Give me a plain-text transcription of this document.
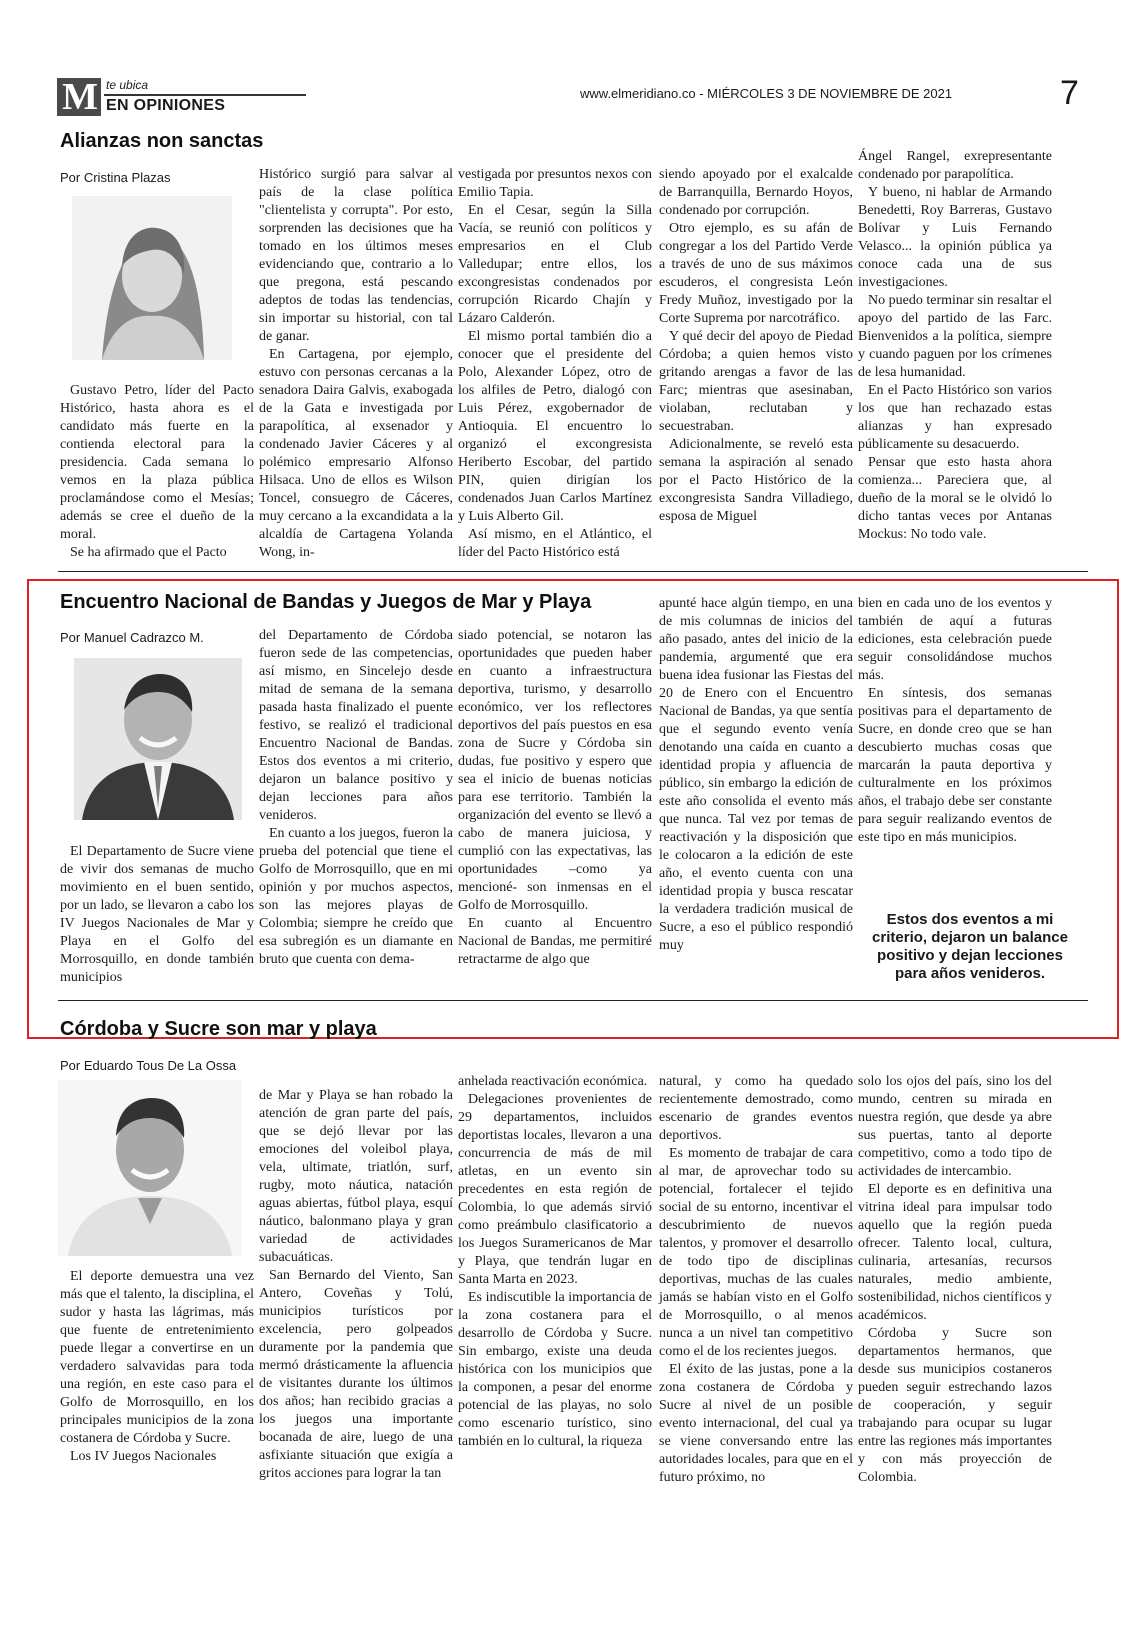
M te ubica
EN OPINIONES
www.elmeridiano.co - MIÉRCOLES 3 DE NOVIEMBRE DE 2021	7
Alianzas non sanctas
Por Cristina Plazas

Gustavo Petro, líder del Pacto Histórico, hasta ahora es el candidato más fuerte en la contienda electoral para la presidencia. Cada semana lo vemos en la plaza pública proclamándose como el Mesías; además se cree el dueño de la moral.

Se ha afirmado que el Pacto

Histórico surgió para salvar al país de la clase política "clientelista y corrupta". Por esto, sorprenden las decisiones que ha tomado en los últimos meses evidenciando que, contrario a lo que pregona, está pescando adeptos de todas las tendencias, sin importar su historial, con tal de ganar.

En Cartagena, por ejemplo, estuvo con personas cercanas a la senadora Daira Galvis, exabogada de la Gata e investigada por parapolítica, al exsenador y condenado Javier Cáceres y al polémico empresario Alfonso Hilsaca. Uno de ellos es Wilson Toncel, consuegro de Cáceres, muy cercano a la excandidata a la alcaldía de Cartagena Yolanda Wong, in-

vestigada por presuntos nexos con Emilio Tapia.

En el Cesar, según la Silla Vacía, se reunió con políticos y empresarios en el Club Valledupar; entre ellos, los excongresistas condenados por corrupción Ricardo Chajín y Lázaro Calderón.

El mismo portal también dio a conocer que el presidente del Polo, Alexander López, otro de los alfiles de Petro, dialogó con Luis Pérez, exgobernador de Antioquia. El encuentro lo organizó el excongresista Heriberto Escobar, del partido PIN, quien dirigían los condenados Juan Carlos Martínez y Luis Alberto Gil.

Así mismo, en el Atlántico, el líder del Pacto Histórico está

siendo apoyado por el exalcalde de Barranquilla, Bernardo Hoyos, condenado por corrupción.

Otro ejemplo, es su afán de congregar a los del Partido Verde a través de uno de sus máximos escuderos, el congresista León Fredy Muñoz, investigado por la Corte Suprema por narcotráfico.

Y qué decir del apoyo de Piedad Córdoba; a quien hemos visto gritando arengas a favor de las Farc; mientras que asesinaban, violaban, reclutaban y secuestraban.

Adicionalmente, se reveló esta semana la aspiración al senado por el Pacto Histórico de la excongresista Sandra Villadiego, esposa de Miguel

Ángel Rangel, exrepresentante condenado por parapolítica.

Y bueno, ni hablar de Armando Benedetti, Roy Barreras, Gustavo Bolívar y Luis Fernando Velasco... la opinión pública ya conoce cada una de sus investigaciones.

No puedo terminar sin resaltar el apoyo del partido de las Farc. Bienvenidos a la política, siempre y cuando paguen por los crímenes de lesa humanidad.

En el Pacto Histórico son varios los que han rechazado estas alianzas y han expresado públicamente su desacuerdo.

Pensar que esto hasta ahora comienza... Pareciera que, al dueño de la moral se le olvidó lo dicho tantas veces por Antanas Mockus: No todo vale.

Encuentro Nacional de Bandas y Juegos de Mar y Playa
Por Manuel Cadrazco M.

El Departamento de Sucre viene de vivir dos semanas de mucho movimiento en el buen sentido, por un lado, se llevaron a cabo los IV Juegos Nacionales de Mar y Playa en el Golfo del Morrosquillo, en donde también municipios

del Departamento de Córdoba fueron sede de las competencias, así mismo, en Sincelejo desde mitad de semana de la semana pasada hasta finalizado el puente festivo, se realizó el tradicional Encuentro Nacional de Bandas. Estos dos eventos a mi criterio, dejaron un balance positivo y dejan lecciones para años venideros.

En cuanto a los juegos, fueron la prueba del potencial que tiene el Golfo de Morrosquillo, que en mi opinión y por muchos aspectos, son las mejores playas de Colombia; siempre he creído que esa subregión es un diamante en bruto que cuenta con dema-

siado potencial, se notaron las oportunidades que pueden haber en cuanto a infraestructura deportiva, turismo, y desarrollo económico, ver los reflectores deportivos del país puestos en esa zona de Sucre y Córdoba sin dudas, fue positivo y espero que sea el inicio de buenas noticias para ese territorio. También la organización del evento se llevó a cabo de manera juiciosa, y cumplió con las expectativas, las oportunidades –como ya mencioné- son inmensas en el Golfo de Morrosquillo.

En cuanto al Encuentro Nacional de Bandas, me permitiré retractarme de algo que

apunté hace algún tiempo, en una de mis columnas de inicios del año pasado, antes del inicio de la pandemia, argumenté que era buena idea fusionar las Fiestas del 20 de Enero con el Encuentro Nacional de Bandas, ya que sentía que el segundo evento venía denotando una caída en cuanto a identidad propia y afluencia de público, sin embargo la edición de este año consolida el evento más que nunca. Tal vez por temas de reactivación y la disposición que le colocaron a la edición de este año, el evento cuenta con una identidad propia y busca rescatar la verdadera tradición musical de Sucre, a eso el público respondió muy

bien en cada uno de los eventos y también de aquí a futuras ediciones, esta celebración puede seguir consolidándose muchos más.

En síntesis, dos semanas positivas para el departamento de Sucre, en donde creo que se han descubierto muchas cosas que marcarán la pauta deportiva y culturalmente en los próximos años, el trabajo debe ser constante para seguir realizando eventos de este tipo en más municipios.

Estos dos eventos a mi criterio, dejaron un balance positivo y dejan lecciones para años venideros.
Córdoba y Sucre son mar y playa
Por Eduardo Tous De La Ossa

El deporte demuestra una vez más que el talento, la disciplina, el sudor y hasta las lágrimas, más que fuente de entretenimiento puede llegar a convertirse en un verdadero salvavidas para toda una región, en este caso para el Golfo de Morrosquillo, en los principales municipios de la zona costanera de Córdoba y Sucre.

Los IV Juegos Nacionales

de Mar y Playa se han robado la atención de gran parte del país, que se dejó llevar por las emociones del voleibol playa, vela, ultimate, triatlón, surf, rugby, moto náutica, natación aguas abiertas, fútbol playa, esquí náutico, balonmano playa y gran variedad de actividades subacuáticas.

San Bernardo del Viento, San Antero, Coveñas y Tolú, municipios turísticos por excelencia, pero golpeados duramente por la pandemia que mermó drásticamente la afluencia de visitantes durante los últimos dos años; han recibido gracias a los juegos una importante bocanada de aire, luego de una asfixiante situación que exigía a gritos acciones para lograr la tan

anhelada reactivación económica.

Delegaciones provenientes de 29 departamentos, incluidos deportistas locales, llevaron a una concurrencia de más de mil atletas, en un evento sin precedentes en esta región de Colombia, lo que además sirvió como preámbulo clasificatorio a los Juegos Suramericanos de Mar y Playa, que tendrán lugar en Santa Marta en 2023.

Es indiscutible la importancia de la zona costanera para el desarrollo de Córdoba y Sucre. Sin embargo, existe una deuda histórica con los municipios que la componen, a pesar del enorme potencial de las playas, no solo como escenario turístico, sino también en lo cultural, la riqueza

natural, y como ha quedado recientemente demostrado, como escenario de grandes eventos deportivos.

Es momento de trabajar de cara al mar, de aprovechar todo su potencial, fortalecer el tejido social de su entorno, incentivar el descubrimiento de nuevos talentos, y promover el desarrollo de todo tipo de disciplinas deportivas, muchas de las cuales jamás se habían visto en el Golfo de Morrosquillo, o al menos nunca a un nivel tan competitivo como el de los recientes juegos.

El éxito de las justas, pone a la zona costanera de Córdoba y Sucre al nivel de un posible evento internacional, del cual ya se viene conversando entre las autoridades locales, para que en el futuro próximo, no

solo los ojos del país, sino los del mundo, centren su mirada en nuestra región, que desde ya abre sus puertas, tanto al deporte competitivo, como a todo tipo de actividades de intercambio.

El deporte es en definitiva una vitrina ideal para impulsar todo aquello que la región pueda ofrecer. Talento local, cultura, culinaria, artesanías, recursos naturales, medio ambiente, sostenibilidad, nichos científicos y académicos.

Córdoba y Sucre son departamentos hermanos, que desde sus municipios costaneros pueden seguir estrechando lazos de cooperación, y seguir trabajando para ocupar su lugar entre las regiones más importantes y con más proyección de Colombia.
